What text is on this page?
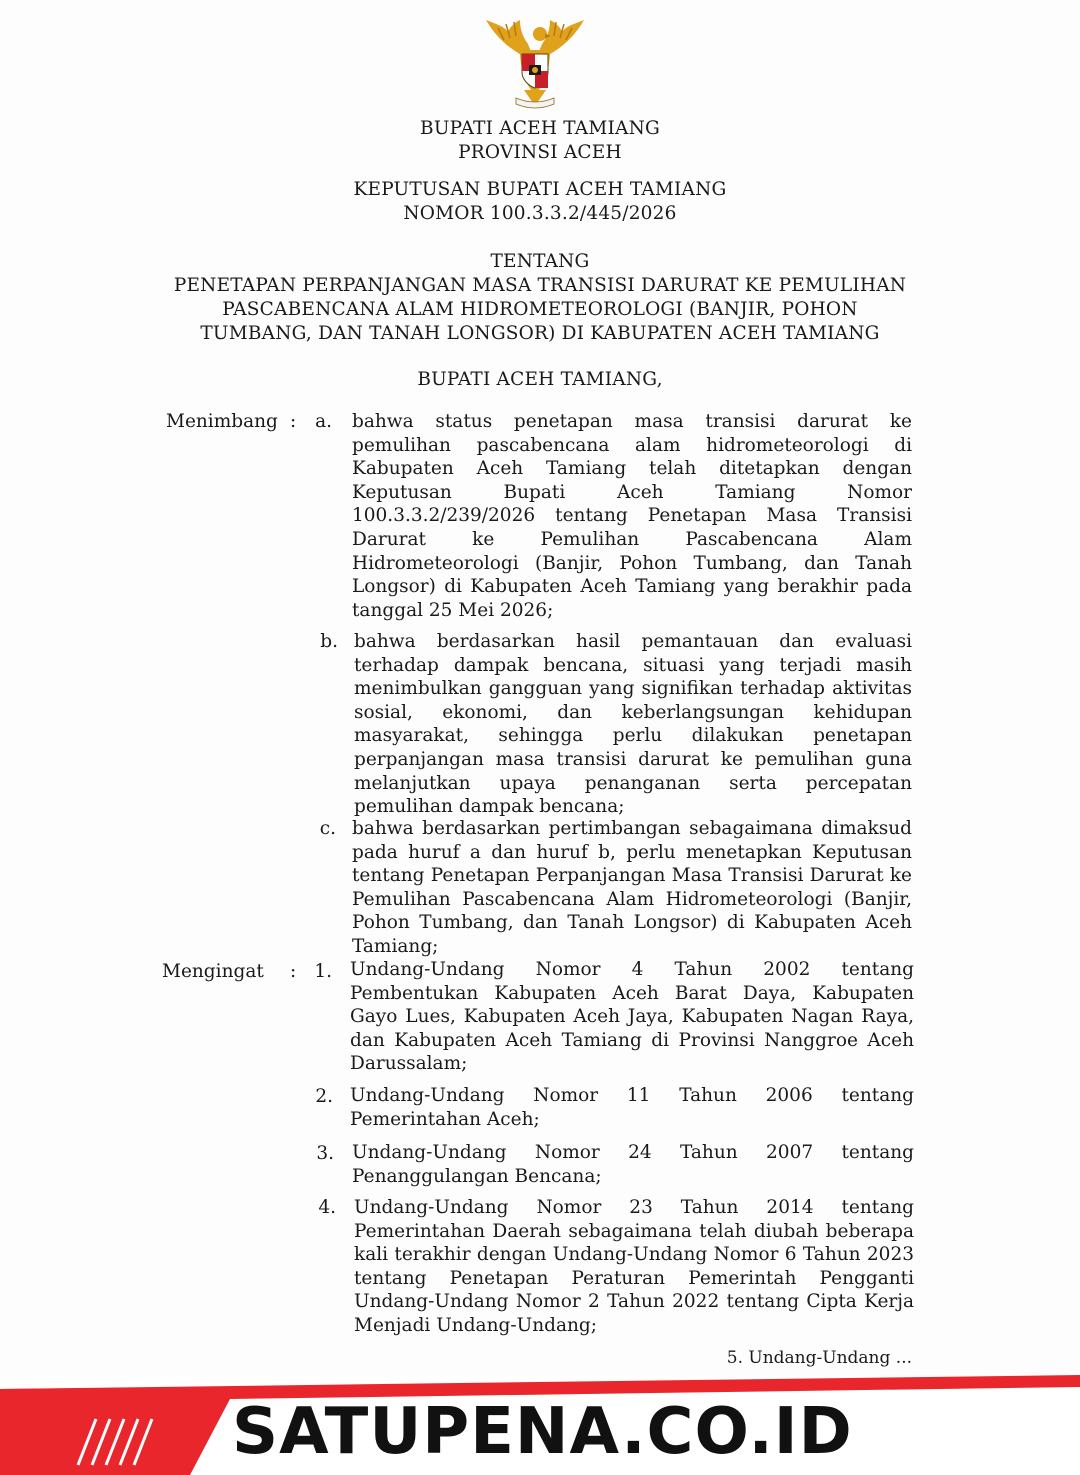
BUPATI ACEH TAMIANG
PROVINSI ACEH
KEPUTUSAN BUPATI ACEH TAMIANG
NOMOR 100.3.3.2/445/2026
TENTANG
PENETAPAN PERPANJANGAN MASA TRANSISI DARURAT KE PEMULIHAN
PASCABENCANA ALAM HIDROMETEOROLOGI (BANJIR, POHON
TUMBANG, DAN TANAH LONGSOR) DI KABUPATEN ACEH TAMIANG
BUPATI ACEH TAMIANG,
Menimbang :	a. bahwa status penetapan masa transisi darurat ke pemulihan pascabencana alam hidrometeorologi di Kabupaten Aceh Tamiang telah ditetapkan dengan Keputusan Bupati Aceh Tamiang Nomor 100.3.3.2/239/2026 tentang Penetapan Masa Transisi Darurat ke Pemulihan Pascabencana Alam Hidrometeorologi (Banjir, Pohon Tumbang, dan Tanah Longsor) di Kabupaten Aceh Tamiang yang berakhir pada tanggal 25 Mei 2026;
b. bahwa berdasarkan hasil pemantauan dan evaluasi terhadap dampak bencana, situasi yang terjadi masih menimbulkan gangguan yang signifikan terhadap aktivitas sosial, ekonomi, dan keberlangsungan kehidupan masyarakat, sehingga perlu dilakukan penetapan perpanjangan masa transisi darurat ke pemulihan guna melanjutkan upaya penanganan serta percepatan pemulihan dampak bencana;
c. bahwa berdasarkan pertimbangan sebagaimana dimaksud pada huruf a dan huruf b, perlu menetapkan Keputusan tentang Penetapan Perpanjangan Masa Transisi Darurat ke Pemulihan Pascabencana Alam Hidrometeorologi (Banjir, Pohon Tumbang, dan Tanah Longsor) di Kabupaten Aceh Tamiang;
Mengingat : 1. Undang-Undang Nomor 4 Tahun 2002 tentang Pembentukan Kabupaten Aceh Barat Daya, Kabupaten Gayo Lues, Kabupaten Aceh Jaya, Kabupaten Nagan Raya, dan Kabupaten Aceh Tamiang di Provinsi Nanggroe Aceh Darussalam;
2. Undang-Undang Nomor 11 Tahun 2006 tentang Pemerintahan Aceh;
3. Undang-Undang Nomor 24 Tahun 2007 tentang Penanggulangan Bencana;
4. Undang-Undang Nomor 23 Tahun 2014 tentang Pemerintahan Daerah sebagaimana telah diubah beberapa kali terakhir dengan Undang-Undang Nomor 6 Tahun 2023 tentang Penetapan Peraturan Pemerintah Pengganti Undang-Undang Nomor 2 Tahun 2022 tentang Cipta Kerja Menjadi Undang-Undang;
5. Undang-Undang ...
SATUPENA.CO.ID
